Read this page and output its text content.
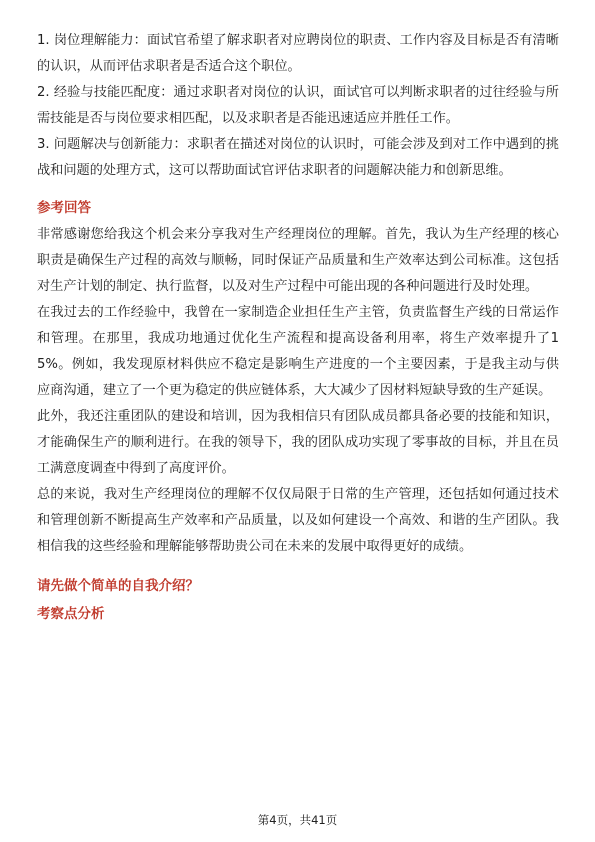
1. 岗位理解能力：面试官希望了解求职者对应聘岗位的职责、工作内容及目标是否有清晰的认识，从而评估求职者是否适合这个职位。

2. 经验与技能匹配度：通过求职者对岗位的认识，面试官可以判断求职者的过往经验与所需技能是否与岗位要求相匹配，以及求职者是否能迅速适应并胜任工作。

3. 问题解决与创新能力：求职者在描述对岗位的认识时，可能会涉及到对工作中遇到的挑战和问题的处理方式，这可以帮助面试官评估求职者的问题解决能力和创新思维。

参考回答

非常感谢您给我这个机会来分享我对生产经理岗位的理解。首先，我认为生产经理的核心职责是确保生产过程的高效与顺畅，同时保证产品质量和生产效率达到公司标准。这包括对生产计划的制定、执行监督，以及对生产过程中可能出现的各种问题进行及时处理。

在我过去的工作经验中，我曾在一家制造企业担任生产主管，负责监督生产线的日常运作和管理。在那里，我成功地通过优化生产流程和提高设备利用率，将生产效率提升了15%。例如，我发现原材料供应不稳定是影响生产进度的一个主要因素，于是我主动与供应商沟通，建立了一个更为稳定的供应链体系，大大减少了因材料短缺导致的生产延误。

此外，我还注重团队的建设和培训，因为我相信只有团队成员都具备必要的技能和知识，才能确保生产的顺利进行。在我的领导下，我的团队成功实现了零事故的目标，并且在员工满意度调查中得到了高度评价。

总的来说，我对生产经理岗位的理解不仅仅局限于日常的生产管理，还包括如何通过技术和管理创新不断提高生产效率和产品质量，以及如何建设一个高效、和谐的生产团队。我相信我的这些经验和理解能够帮助贵公司在未来的发展中取得更好的成绩。

请先做个简单的自我介绍？

考察点分析

第4页，共41页
